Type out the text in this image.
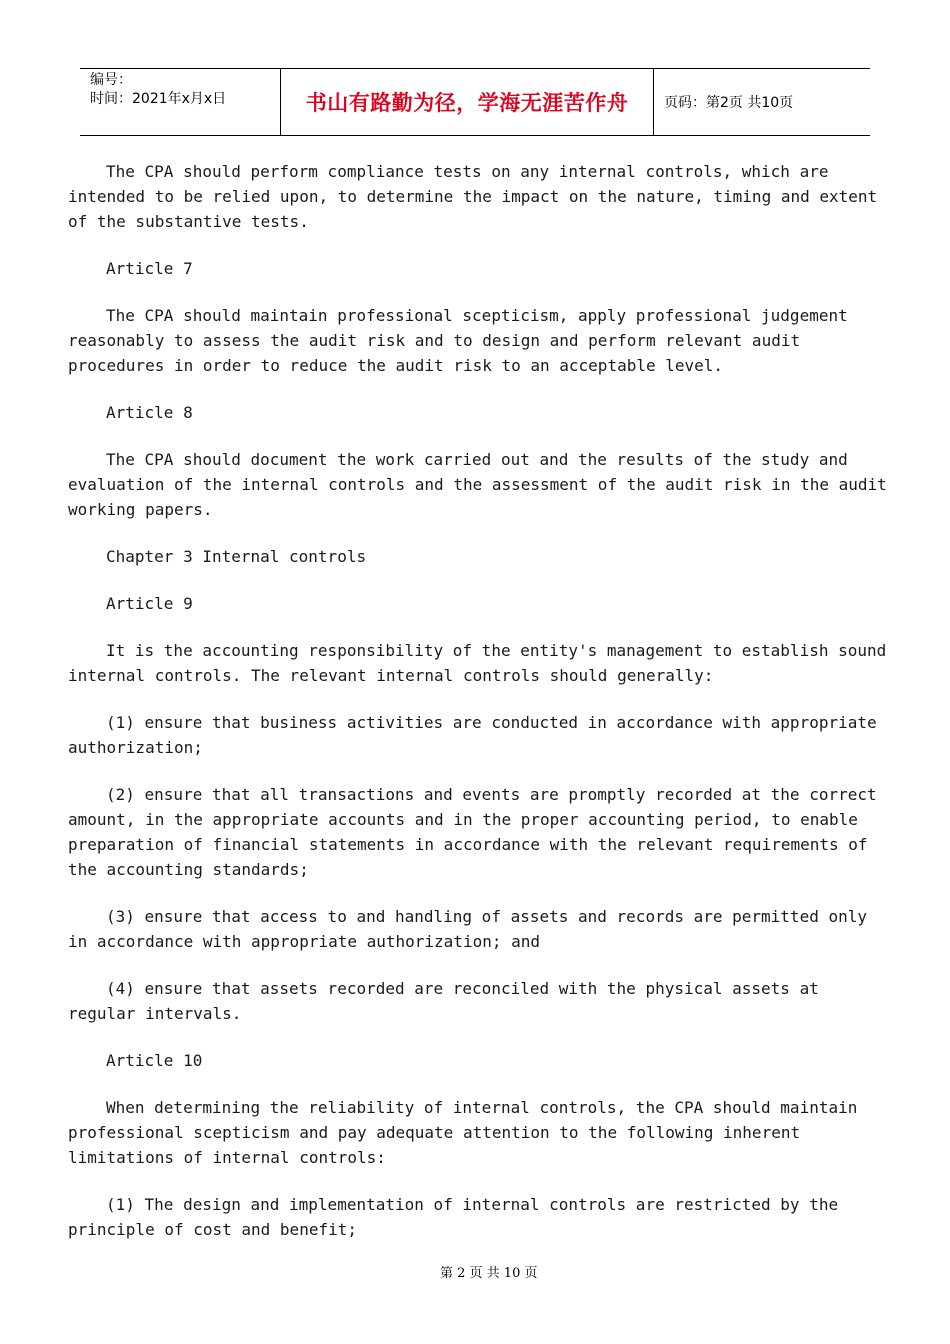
编号：
时间：2021年x月x日	书山有路勤为径，学海无涯苦作舟	页码：第2页 共10页

The CPA should perform compliance tests on any internal controls, which are intended to be relied upon, to determine the impact on the nature, timing and extent of the substantive tests.

Article 7

The CPA should maintain professional scepticism, apply professional judgement reasonably to assess the audit risk and to design and perform relevant audit procedures in order to reduce the audit risk to an acceptable level.

Article 8

The CPA should document the work carried out and the results of the study and evaluation of the internal controls and the assessment of the audit risk in the audit working papers.

Chapter 3 Internal controls

Article 9

It is the accounting responsibility of the entity's management to establish sound internal controls. The relevant internal controls should generally:

(1) ensure that business activities are conducted in accordance with appropriate authorization;

(2) ensure that all transactions and events are promptly recorded at the correct amount, in the appropriate accounts and in the proper accounting period, to enable preparation of financial statements in accordance with the relevant requirements of the accounting standards;

(3) ensure that access to and handling of assets and records are permitted only in accordance with appropriate authorization; and

(4) ensure that assets recorded are reconciled with the physical assets at regular intervals.

Article 10

When determining the reliability of internal controls, the CPA should maintain professional scepticism and pay adequate attention to the following inherent limitations of internal controls:

(1) The design and implementation of internal controls are restricted by the principle of cost and benefit;

第 2 页 共 10 页
